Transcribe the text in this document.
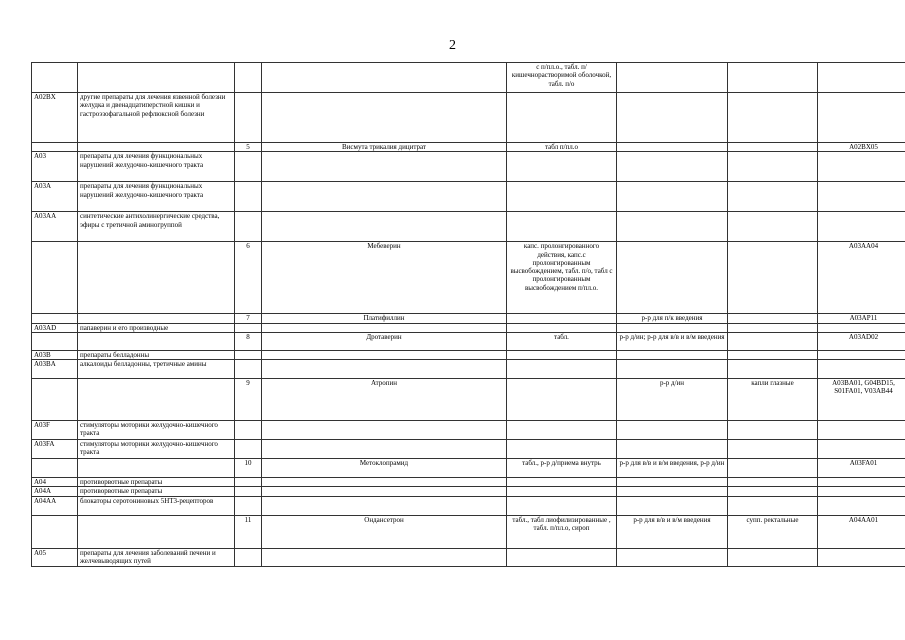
2
				с п/пл.о., табл. п/кишечнорастворимой оболочкой, табл. п/о			
A02BX	другие препараты для лечения язвенной болезни желудка и двенадцатиперстной кишки и гастроэзофагальной рефлюксной болезни						
		5	Висмута трикалия дицитрат	табл п/пл.о			A02BX05
A03	препараты для лечения функциональных нарушений желудочно-кишечного тракта						
A03A	препараты для лечения функциональных нарушений желудочно-кишечного тракта						
A03AA	синтетические антихолинергические средства, эфиры с третичной аминогруппой						
		6	Мебеверин	капс. пролонгированного действия, капс.с пролонгированным высвобождением, табл. п/о, табл с пролонгированным высвобождением п/пл.о.			A03AA04
		7	Платифиллин		р-р для п/к введения		A03AP11
A03AD	папаверин и его производные						
		8	Дротаверин	табл.	р-р д/ин; р-р для в/в и в/м введения		A03AD02
A03B	препараты белладонны						
A03BA	алкалоиды белладонны, третичные амины						
		9	Атропин		р-р д/ин	капли глазные	A03BA01, G04BD15, S01FA01, V03AB44
A03F	стимуляторы моторики желудочно-кишечного тракта						
A03FA	стимуляторы моторики желудочно-кишечного тракта						
		10	Метоклопрамид	табл., р-р д/приема внутрь	р-р для в/в и в/м введения, р-р д/ин		A03FA01
A04	противорвотные препараты						
A04A	противорвотные препараты						
A04AA	блокаторы серотониновых 5HT3-рецепторов						
		11	Ондансетрон	табл., табл лиофилизированные , табл. п/пл.о, сироп	р-р для в/в и в/м введения	супп. ректальные	A04AA01
A05	препараты для лечения заболеваний печени и желчевыводящих путей						
